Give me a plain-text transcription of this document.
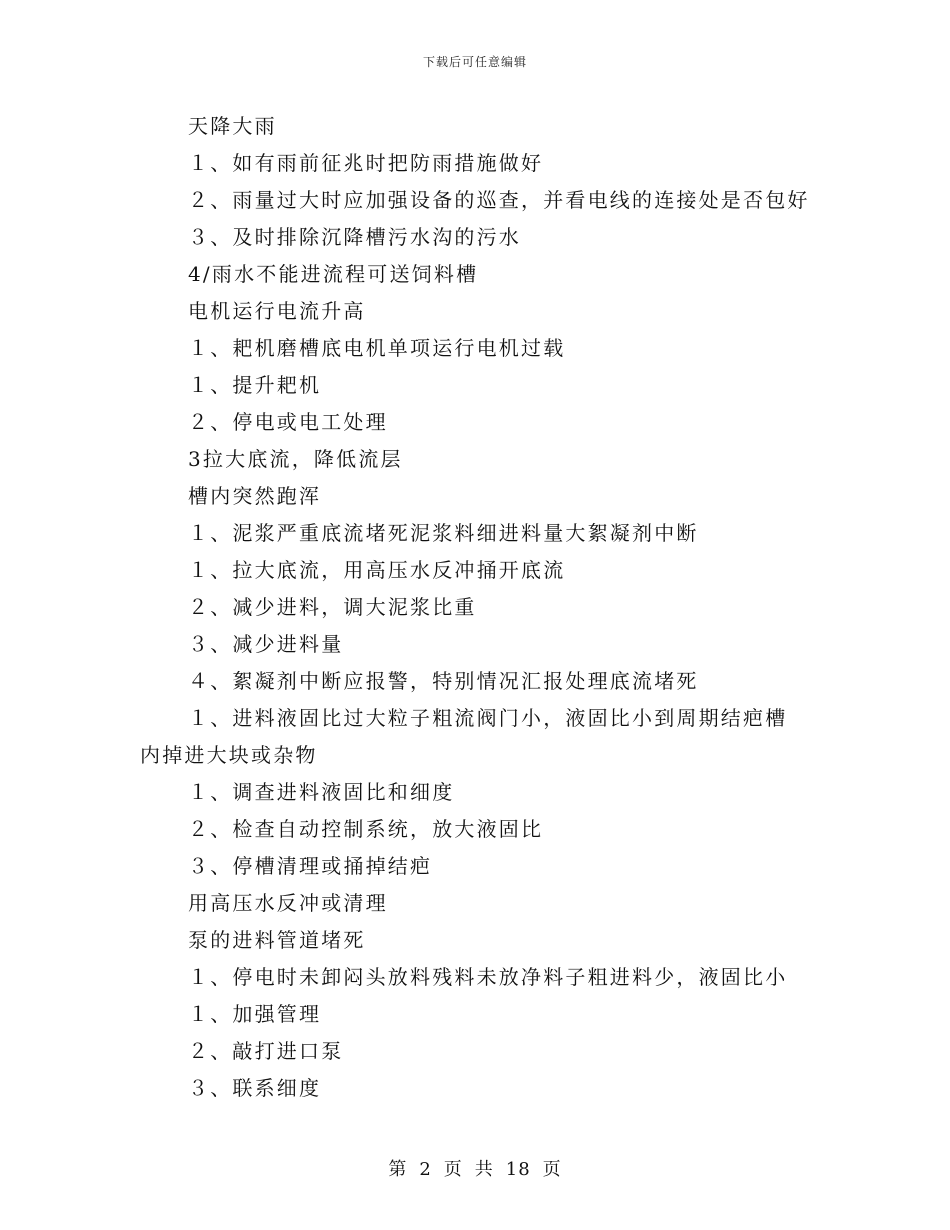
下载后可任意编辑
天降大雨
１、如有雨前征兆时把防雨措施做好
２、雨量过大时应加强设备的巡查，并看电线的连接处是否包好
３、及时排除沉降槽污水沟的污水
4/雨水不能进流程可送饲料槽
电机运行电流升高
１、耙机磨槽底电机单项运行电机过载
１、提升耙机
２、停电或电工处理
3拉大底流，降低流层
槽内突然跑浑
１、泥浆严重底流堵死泥浆料细进料量大絮凝剂中断
１、拉大底流，用高压水反冲捅开底流
２、减少进料，调大泥浆比重
３、减少进料量
４、絮凝剂中断应报警，特别情况汇报处理底流堵死
１、进料液固比过大粒子粗流阀门小，液固比小到周期结疤槽内掉进大块或杂物
１、调查进料液固比和细度
２、检查自动控制系统，放大液固比
３、停槽清理或捅掉结疤
用高压水反冲或清理
泵的进料管道堵死
１、停电时未卸闷头放料残料未放净料子粗进料少，液固比小
１、加强管理
２、敲打进口泵
３、联系细度
第 2 页 共 18 页
